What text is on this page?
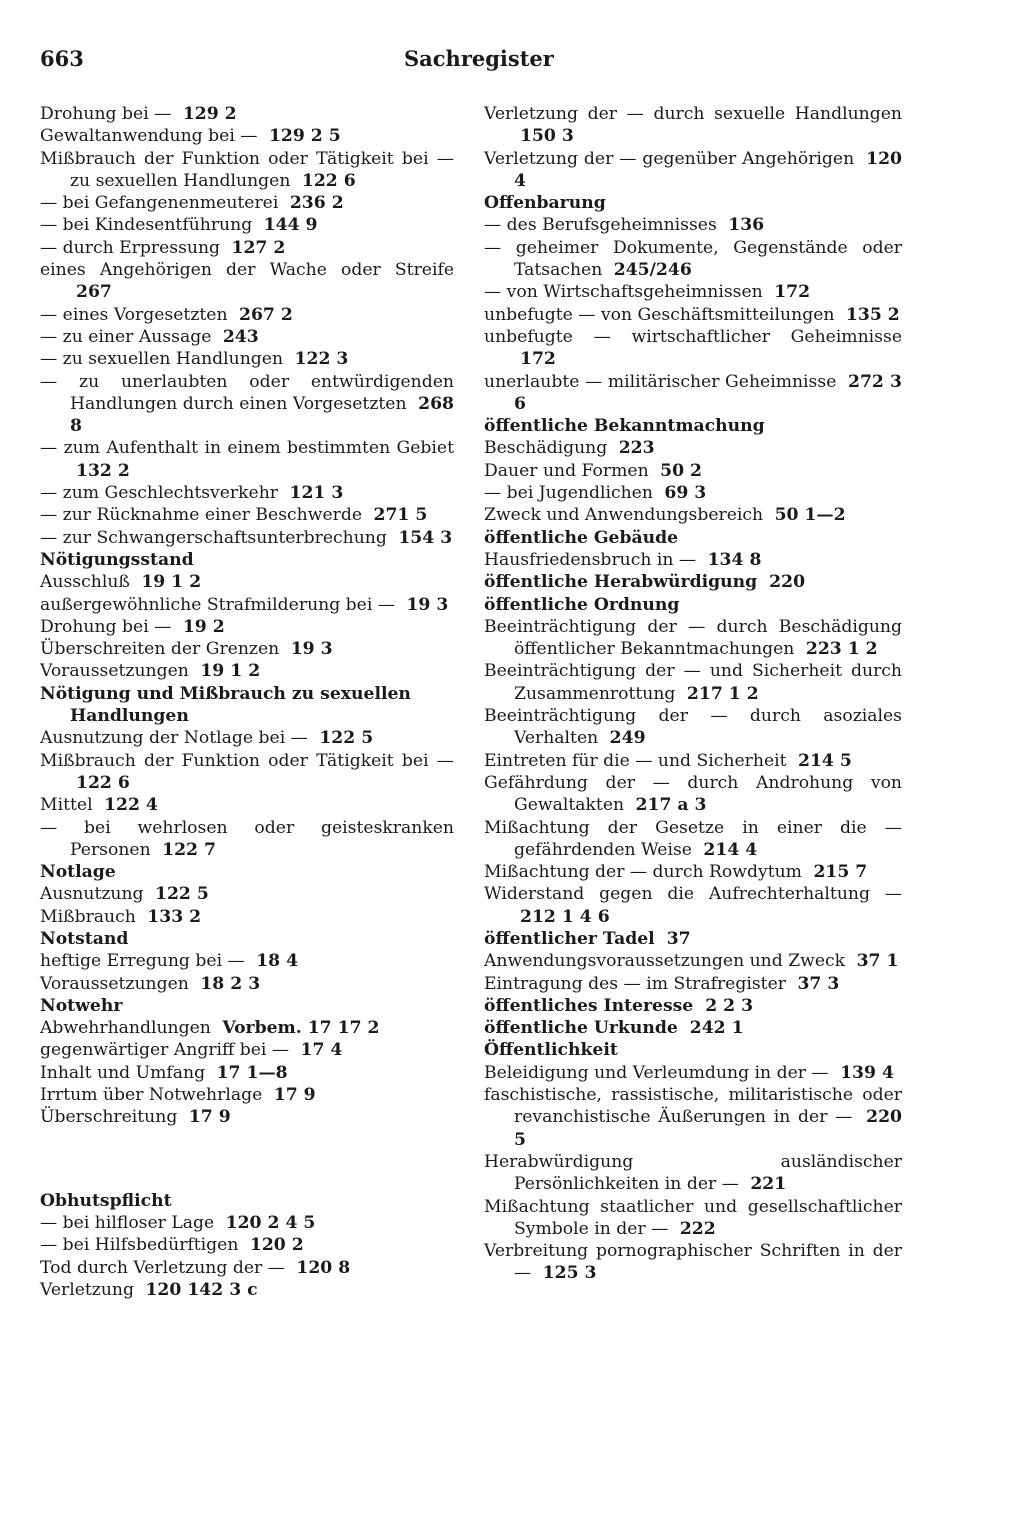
663	Sachregister
Drohung bei — 129 2
Gewaltanwendung bei — 129 2 5
Mißbrauch der Funktion oder Tätigkeit bei — zu sexuellen Handlungen 122 6
— bei Gefangenenmeuterei 236 2
— bei Kindesentführung 144 9
— durch Erpressung 127 2
eines Angehörigen der Wache oder Streife 267
— eines Vorgesetzten 267 2
— zu einer Aussage 243
— zu sexuellen Handlungen 122 3
— zu unerlaubten oder entwürdigenden Handlungen durch einen Vorgesetzten 268 8
— zum Aufenthalt in einem bestimmten Gebiet 132 2
— zum Geschlechtsverkehr 121 3
— zur Rücknahme einer Beschwerde 271 5
— zur Schwangerschaftsunterbrechung 154 3
Nötigungsstand
Ausschluß 19 1 2
außergewöhnliche Strafmilderung bei — 19 3
Drohung bei — 19 2
Überschreiten der Grenzen 19 3
Voraussetzungen 19 1 2
Nötigung und Mißbrauch zu sexuellen Handlungen
Ausnutzung der Notlage bei — 122 5
Mißbrauch der Funktion oder Tätigkeit bei — 122 6
Mittel 122 4
— bei wehrlosen oder geisteskranken Personen 122 7
Notlage
Ausnutzung 122 5
Mißbrauch 133 2
Notstand
heftige Erregung bei — 18 4
Voraussetzungen 18 2 3
Notwehr
Abwehrhandlungen Vorbem. 17 17 2
gegenwärtiger Angriff bei — 17 4
Inhalt und Umfang 17 1—8
Irrtum über Notwehrlage 17 9
Überschreitung 17 9
Obhutspflicht
— bei hilfloser Lage 120 2 4 5
— bei Hilfsbedürftigen 120 2
Tod durch Verletzung der — 120 8
Verletzung 120 142 3 c
Verletzung der — durch sexuelle Handlungen 150 3
Verletzung der — gegenüber Angehörigen 120 4
Offenbarung
— des Berufsgeheimnisses 136
— geheimer Dokumente, Gegenstände oder Tatsachen 245/246
— von Wirtschaftsgeheimnissen 172
unbefugte — von Geschäftsmitteilungen 135 2
unbefugte — wirtschaftlicher Geheimnisse 172
unerlaubte — militärischer Geheimnisse 272 3 6
öffentliche Bekanntmachung
Beschädigung 223
Dauer und Formen 50 2
— bei Jugendlichen 69 3
Zweck und Anwendungsbereich 50 1—2
öffentliche Gebäude
Hausfriedensbruch in — 134 8
öffentliche Herabwürdigung 220
öffentliche Ordnung
Beeinträchtigung der — durch Beschädigung öffentlicher Bekanntmachungen 223 1 2
Beeinträchtigung der — und Sicherheit durch Zusammenrottung 217 1 2
Beeinträchtigung der — durch asoziales Verhalten 249
Eintreten für die — und Sicherheit 214 5
Gefährdung der — durch Androhung von Gewaltakten 217 a 3
Mißachtung der Gesetze in einer die — gefährdenden Weise 214 4
Mißachtung der — durch Rowdytum 215 7
Widerstand gegen die Aufrechterhaltung — 212 1 4 6
öffentlicher Tadel 37
Anwendungsvoraussetzungen und Zweck 37 1
Eintragung des — im Strafregister 37 3
öffentliches Interesse 2 2 3
öffentliche Urkunde 242 1
Öffentlichkeit
Beleidigung und Verleumdung in der — 139 4
faschistische, rassistische, militaristische oder revanchistische Äußerungen in der — 220 5
Herabwürdigung ausländischer Persönlichkeiten in der — 221
Mißachtung staatlicher und gesellschaftlicher Symbole in der — 222
Verbreitung pornographischer Schriften in der — 125 3
